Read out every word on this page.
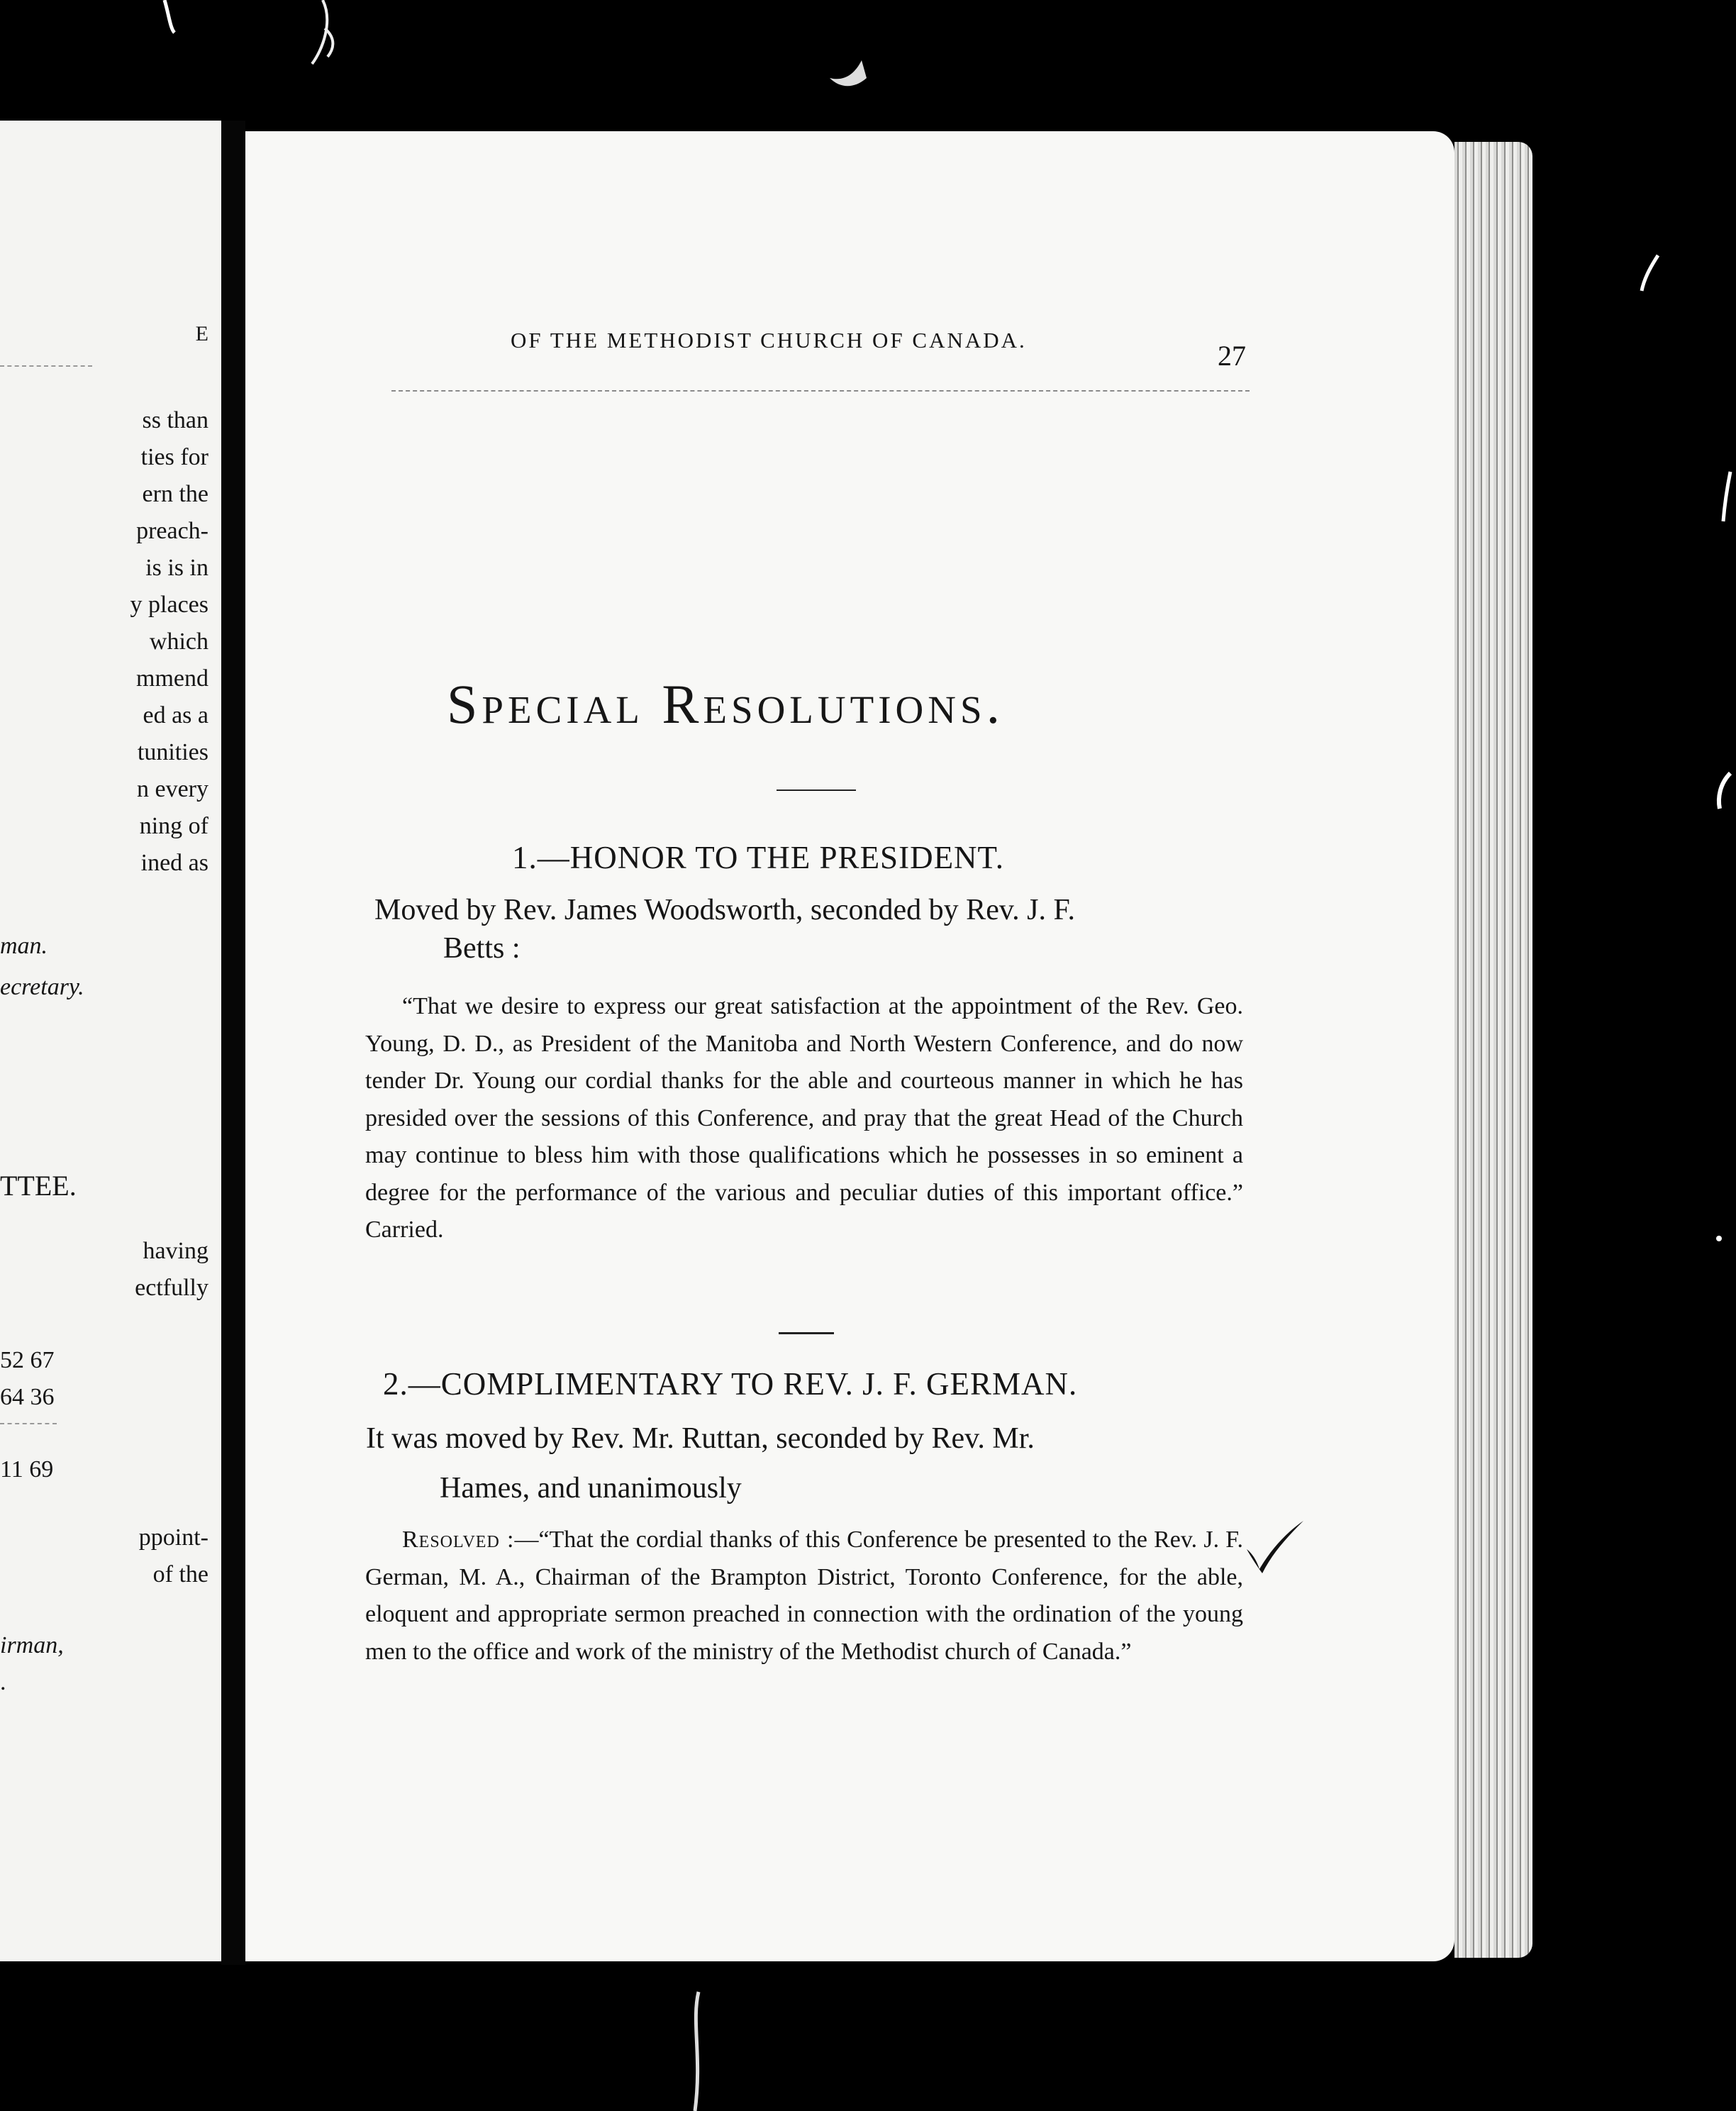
E
ss than
ties for
ern the
preach-
is is in
y places
which
mmend
ed as a
tunities
n every
ning of
ined as
man.
ecretary.
TTEE.
having
ectfully
52 67
64 36
11 69
ppoint-
of the
irman,
.
OF THE METHODIST CHURCH OF CANADA.	27
Special Resolutions.
1.—HONOR TO THE PRESIDENT.
Moved by Rev. James Woodsworth, seconded by Rev. J. F.
Betts :
“That we desire to express our great satisfaction at the appointment of the Rev. Geo. Young, D. D., as President of the Manitoba and North Western Conference, and do now tender Dr. Young our cordial thanks for the able and courteous manner in which he has presided over the sessions of this Conference, and pray that the great Head of the Church may continue to bless him with those qualifications which he possesses in so eminent a degree for the performance of the various and peculiar duties of this important office.” Carried.
2.—COMPLIMENTARY TO REV. J. F. GERMAN.
It was moved by Rev. Mr. Ruttan, seconded by Rev. Mr.
Hames, and unanimously
Resolved :—“That the cordial thanks of this Conference be presented to the Rev. J. F. German, M. A., Chairman of the Brampton District, Toronto Conference, for the able, eloquent and appropriate sermon preached in connection with the ordination of the young men to the office and work of the ministry of the Methodist church of Canada.”
